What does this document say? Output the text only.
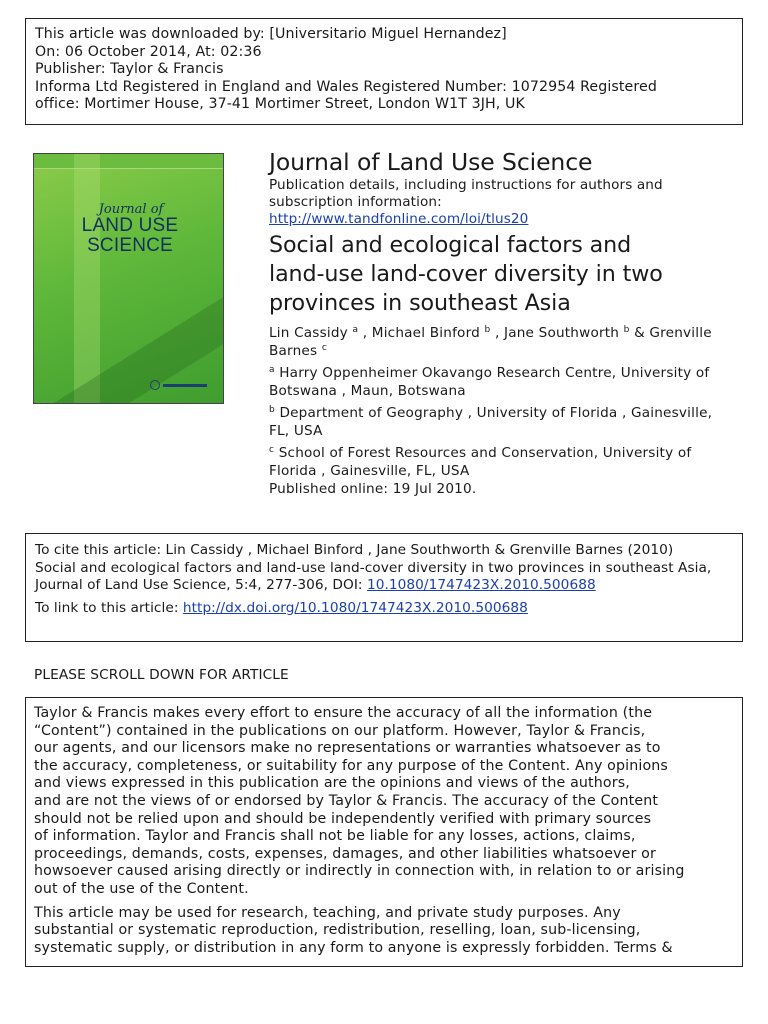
This article was downloaded by: [Universitario Miguel Hernandez]
On: 06 October 2014, At: 02:36
Publisher: Taylor & Francis
Informa Ltd Registered in England and Wales Registered Number: 1072954 Registered
office: Mortimer House, 37-41 Mortimer Street, London W1T 3JH, UK
Journal of
LAND USE
SCIENCE
Journal of Land Use Science
Publication details, including instructions for authors and
subscription information:
http://www.tandfonline.com/loi/tlus20
Social and ecological factors and
land-use land-cover diversity in two
provinces in southeast Asia
Lin Cassidy $^a$ , Michael Binford $^b$ , Jane Southworth $^b$ & Grenville
Barnes $^c$
$^a$ Harry Oppenheimer Okavango Research Centre, University of
Botswana , Maun, Botswana
$^b$ Department of Geography , University of Florida , Gainesville,
FL, USA
$^c$ School of Forest Resources and Conservation, University of
Florida , Gainesville, FL, USA
Published online: 19 Jul 2010.
To cite this article: Lin Cassidy , Michael Binford , Jane Southworth & Grenville Barnes (2010)
Social and ecological factors and land-use land-cover diversity in two provinces in southeast Asia,
Journal of Land Use Science, 5:4, 277-306, DOI: 10.1080/1747423X.2010.500688
To link to this article: http://dx.doi.org/10.1080/1747423X.2010.500688
PLEASE SCROLL DOWN FOR ARTICLE
Taylor & Francis makes every effort to ensure the accuracy of all the information (the
“Content”) contained in the publications on our platform. However, Taylor & Francis,
our agents, and our licensors make no representations or warranties whatsoever as to
the accuracy, completeness, or suitability for any purpose of the Content. Any opinions
and views expressed in this publication are the opinions and views of the authors,
and are not the views of or endorsed by Taylor & Francis. The accuracy of the Content
should not be relied upon and should be independently verified with primary sources
of information. Taylor and Francis shall not be liable for any losses, actions, claims,
proceedings, demands, costs, expenses, damages, and other liabilities whatsoever or
howsoever caused arising directly or indirectly in connection with, in relation to or arising
out of the use of the Content.
This article may be used for research, teaching, and private study purposes. Any
substantial or systematic reproduction, redistribution, reselling, loan, sub-licensing,
systematic supply, or distribution in any form to anyone is expressly forbidden. Terms &
